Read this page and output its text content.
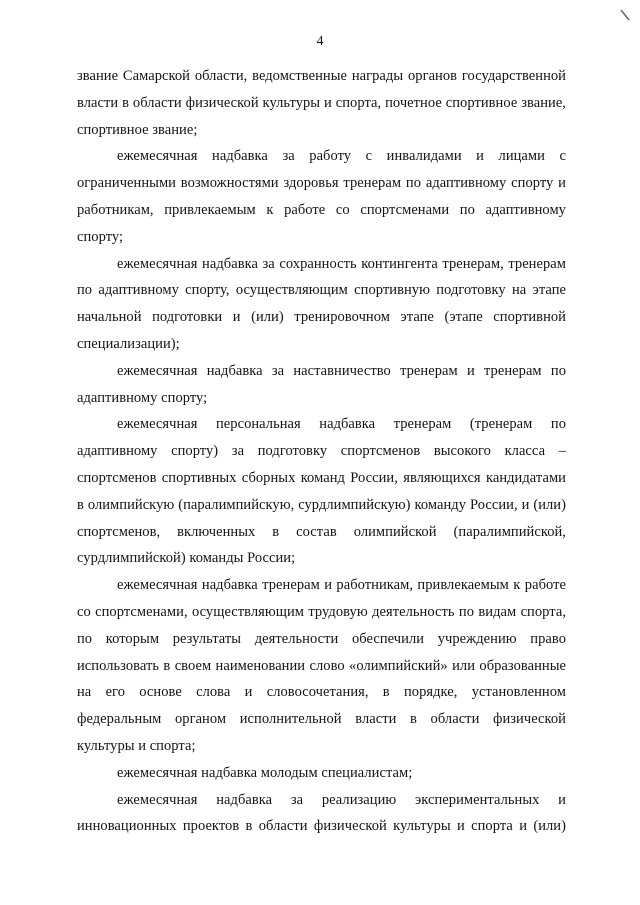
4

звание Самарской области, ведомственные награды органов государственной власти в области физической культуры и спорта, почетное спортивное звание, спортивное звание;

ежемесячная надбавка за работу с инвалидами и лицами с ограниченными возможностями здоровья тренерам по адаптивному спорту и работникам, привлекаемым к работе со спортсменами по адаптивному спорту;

ежемесячная надбавка за сохранность контингента тренерам, тренерам по адаптивному спорту, осуществляющим спортивную подготовку на этапе начальной подготовки и (или) тренировочном этапе (этапе спортивной специализации);

ежемесячная надбавка за наставничество тренерам и тренерам по адаптивному спорту;

ежемесячная персональная надбавка тренерам (тренерам по адаптивному спорту) за подготовку спортсменов высокого класса – спортсменов спортивных сборных команд России, являющихся кандидатами в олимпийскую (паралимпийскую, сурдлимпийскую) команду России, и (или) спортсменов, включенных в состав олимпийской (паралимпийской, сурдлимпийской) команды России;

ежемесячная надбавка тренерам и работникам, привлекаемым к работе со спортсменами, осуществляющим трудовую деятельность по видам спорта, по которым результаты деятельности обеспечили учреждению право использовать в своем наименовании слово «олимпийский» или образованные на его основе слова и словосочетания, в порядке, установленном федеральным органом исполнительной власти в области физической культуры и спорта;

ежемесячная надбавка молодым специалистам;

ежемесячная надбавка за реализацию экспериментальных и инновационных проектов в области физической культуры и спорта и (или)
